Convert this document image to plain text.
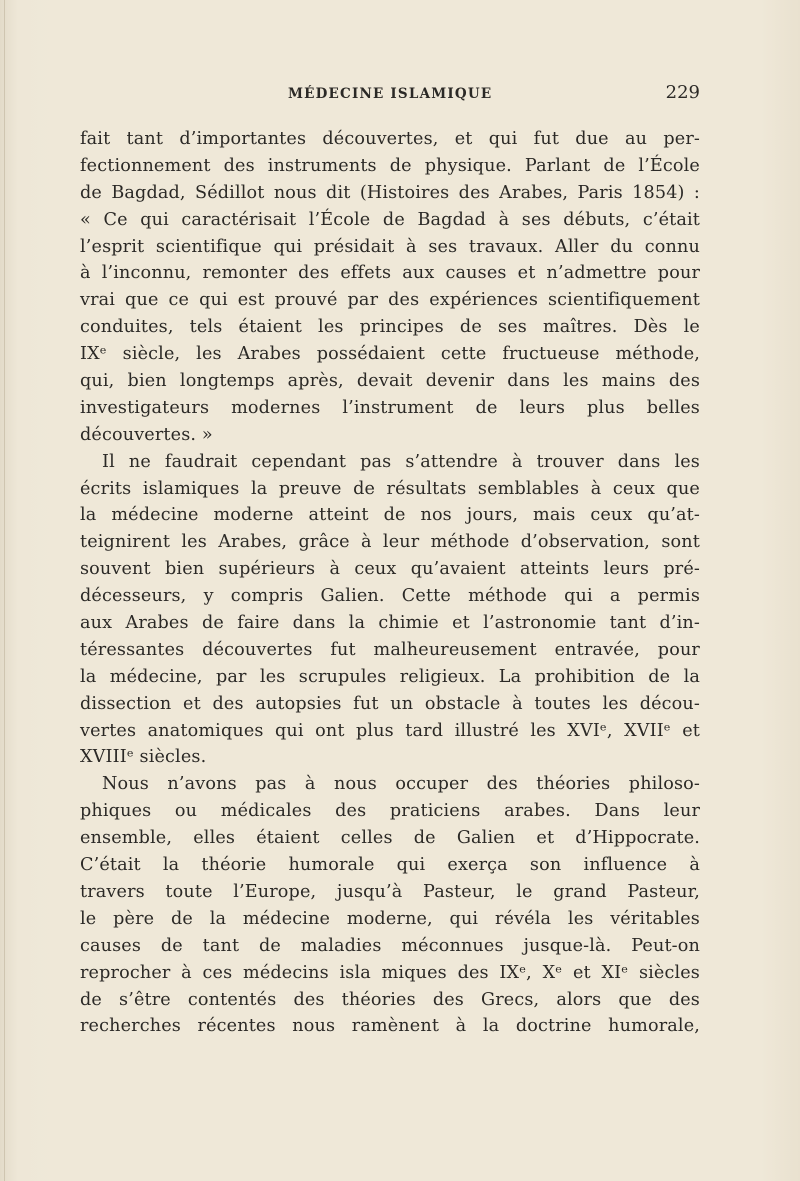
MÉDECINE ISLAMIQUE	229
fait tant d’importantes découvertes, et qui fut due au per-
fectionnement des instruments de physique. Parlant de l’École
de Bagdad, Sédillot nous dit (Histoires des Arabes, Paris 1854) :
« Ce qui caractérisait l’École de Bagdad à ses débuts, c’était
l’esprit scientifique qui présidait à ses travaux. Aller du connu
à l’inconnu, remonter des effets aux causes et n’admettre pour
vrai que ce qui est prouvé par des expériences scientifiquement
conduites, tels étaient les principes de ses maîtres. Dès le
IXᵉ siècle, les Arabes possédaient cette fructueuse méthode,
qui, bien longtemps après, devait devenir dans les mains des
investigateurs modernes l’instrument de leurs plus belles
découvertes. »
Il ne faudrait cependant pas s’attendre à trouver dans les
écrits islamiques la preuve de résultats semblables à ceux que
la médecine moderne atteint de nos jours, mais ceux qu’at-
teignirent les Arabes, grâce à leur méthode d’observation, sont
souvent bien supérieurs à ceux qu’avaient atteints leurs pré-
décesseurs, y compris Galien. Cette méthode qui a permis
aux Arabes de faire dans la chimie et l’astronomie tant d’in-
téressantes découvertes fut malheureusement entravée, pour
la médecine, par les scrupules religieux. La prohibition de la
dissection et des autopsies fut un obstacle à toutes les décou-
vertes anatomiques qui ont plus tard illustré les XVIᵉ, XVIIᵉ et
XVIIIᵉ siècles.
Nous n’avons pas à nous occuper des théories philoso-
phiques ou médicales des praticiens arabes. Dans leur
ensemble, elles étaient celles de Galien et d’Hippocrate.
C’était la théorie humorale qui exerça son influence à
travers toute l’Europe, jusqu’à Pasteur, le grand Pasteur,
le père de la médecine moderne, qui révéla les véritables
causes de tant de maladies méconnues jusque-là. Peut-on
reprocher à ces médecins isla miques des IXᵉ, Xᵉ et XIᵉ siècles
de s’être contentés des théories des Grecs, alors que des
recherches récentes nous ramènent à la doctrine humorale,
